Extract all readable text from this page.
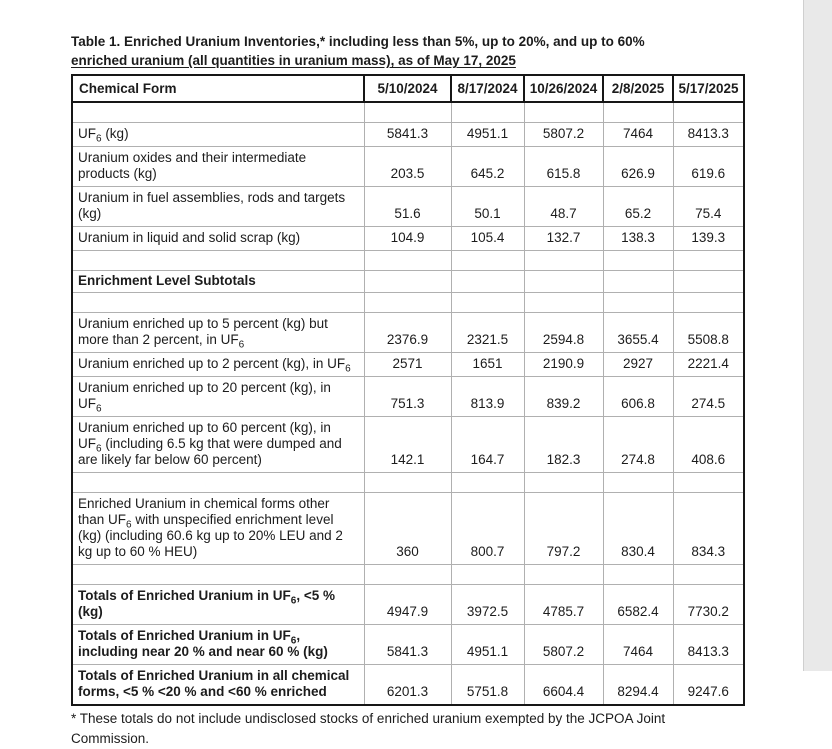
Table 1. Enriched Uranium Inventories,* including less than 5%, up to 20%, and up to 60%
enriched uranium (all quantities in uranium mass), as of May 17, 2025
Chemical Form	5/10/2024	8/17/2024	10/26/2024	2/8/2025	5/17/2025

$UF_6$ (kg)	5841.3	4951.1	5807.2	7464	8413.3
Uranium oxides and their intermediate products (kg)	203.5	645.2	615.8	626.9	619.6
Uranium in fuel assemblies, rods and targets (kg)	51.6	50.1	48.7	65.2	75.4
Uranium in liquid and solid scrap (kg)	104.9	105.4	132.7	138.3	139.3

Enrichment Level Subtotals					

Uranium enriched up to 5 percent (kg) but more than 2 percent, in $UF_6$	2376.9	2321.5	2594.8	3655.4	5508.8
Uranium enriched up to 2 percent (kg), in $UF_6$	2571	1651	2190.9	2927	2221.4
Uranium enriched up to 20 percent (kg), in $UF_6$	751.3	813.9	839.2	606.8	274.5
Uranium enriched up to 60 percent (kg), in $UF_6$ (including 6.5 kg that were dumped and are likely far below 60 percent)	142.1	164.7	182.3	274.8	408.6

Enriched Uranium in chemical forms other than $UF_6$ with unspecified enrichment level (kg) (including 60.6 kg up to 20% LEU and 2 kg up to 60 % HEU)	360	800.7	797.2	830.4	834.3

Totals of Enriched Uranium in $UF_6$, <5 % (kg)	4947.9	3972.5	4785.7	6582.4	7730.2
Totals of Enriched Uranium in $UF_6$, including near 20 % and near 60 % (kg)	5841.3	4951.1	5807.2	7464	8413.3
Totals of Enriched Uranium in all chemical forms, <5 % <20 % and <60 % enriched	6201.3	5751.8	6604.4	8294.4	9247.6
* These totals do not include undisclosed stocks of enriched uranium exempted by the JCPOA Joint Commission.
